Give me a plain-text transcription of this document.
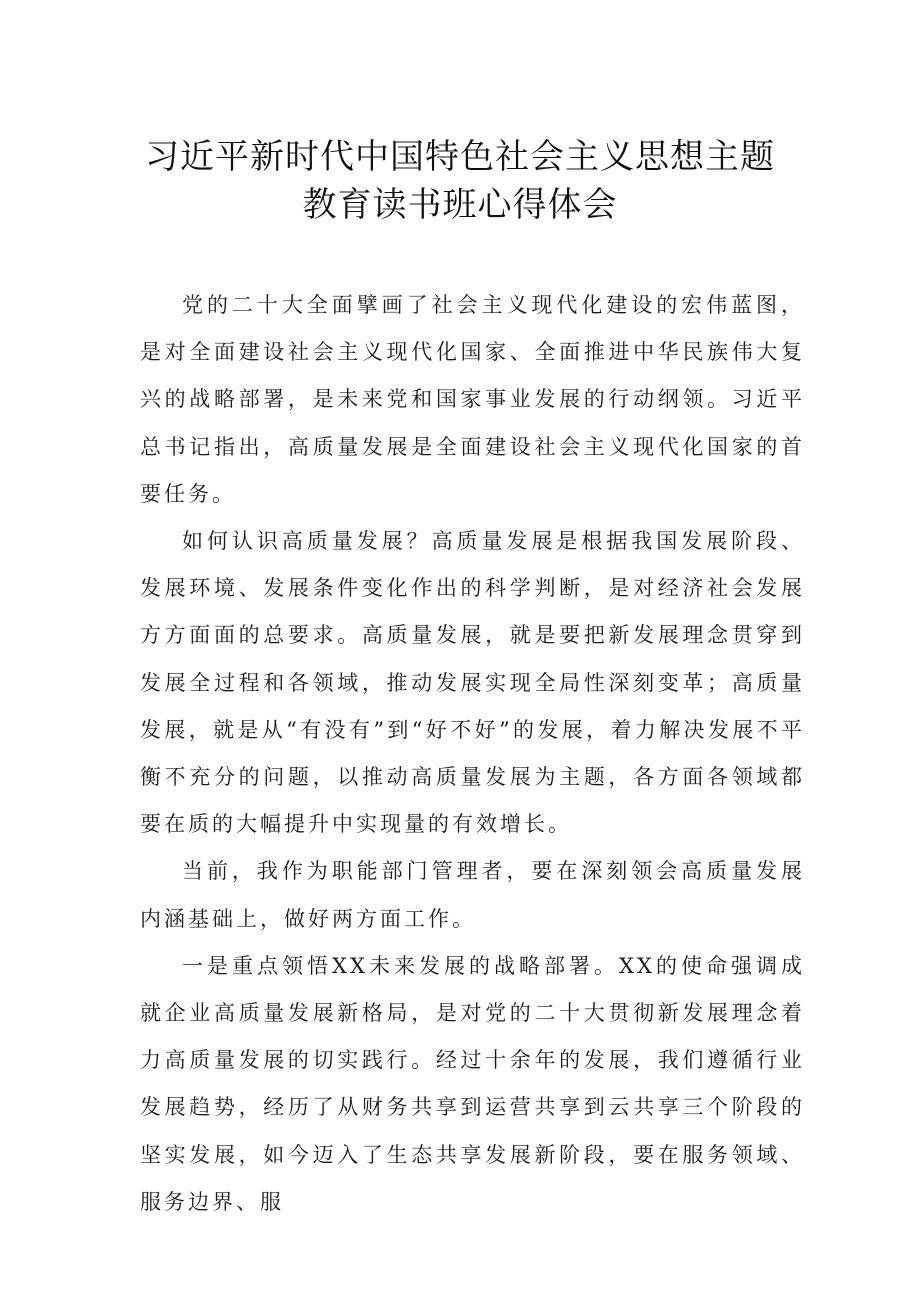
习近平新时代中国特色社会主义思想主题
教育读书班心得体会

党的二十大全面擘画了社会主义现代化建设的宏伟蓝图，是对全面建设社会主义现代化国家、全面推进中华民族伟大复兴的战略部署，是未来党和国家事业发展的行动纲领。习近平总书记指出，高质量发展是全面建设社会主义现代化国家的首要任务。

如何认识高质量发展？高质量发展是根据我国发展阶段、发展环境、发展条件变化作出的科学判断，是对经济社会发展方方面面的总要求。高质量发展，就是要把新发展理念贯穿到发展全过程和各领域，推动发展实现全局性深刻变革；高质量发展，就是从“有没有”到“好不好”的发展，着力解决发展不平衡不充分的问题，以推动高质量发展为主题，各方面各领域都要在质的大幅提升中实现量的有效增长。

当前，我作为职能部门管理者，要在深刻领会高质量发展内涵基础上，做好两方面工作。

一是重点领悟XX未来发展的战略部署。XX的使命强调成就企业高质量发展新格局，是对党的二十大贯彻新发展理念着力高质量发展的切实践行。经过十余年的发展，我们遵循行业发展趋势，经历了从财务共享到运营共享到云共享三个阶段的坚实发展，如今迈入了生态共享发展新阶段，要在服务领域、服务边界、服
